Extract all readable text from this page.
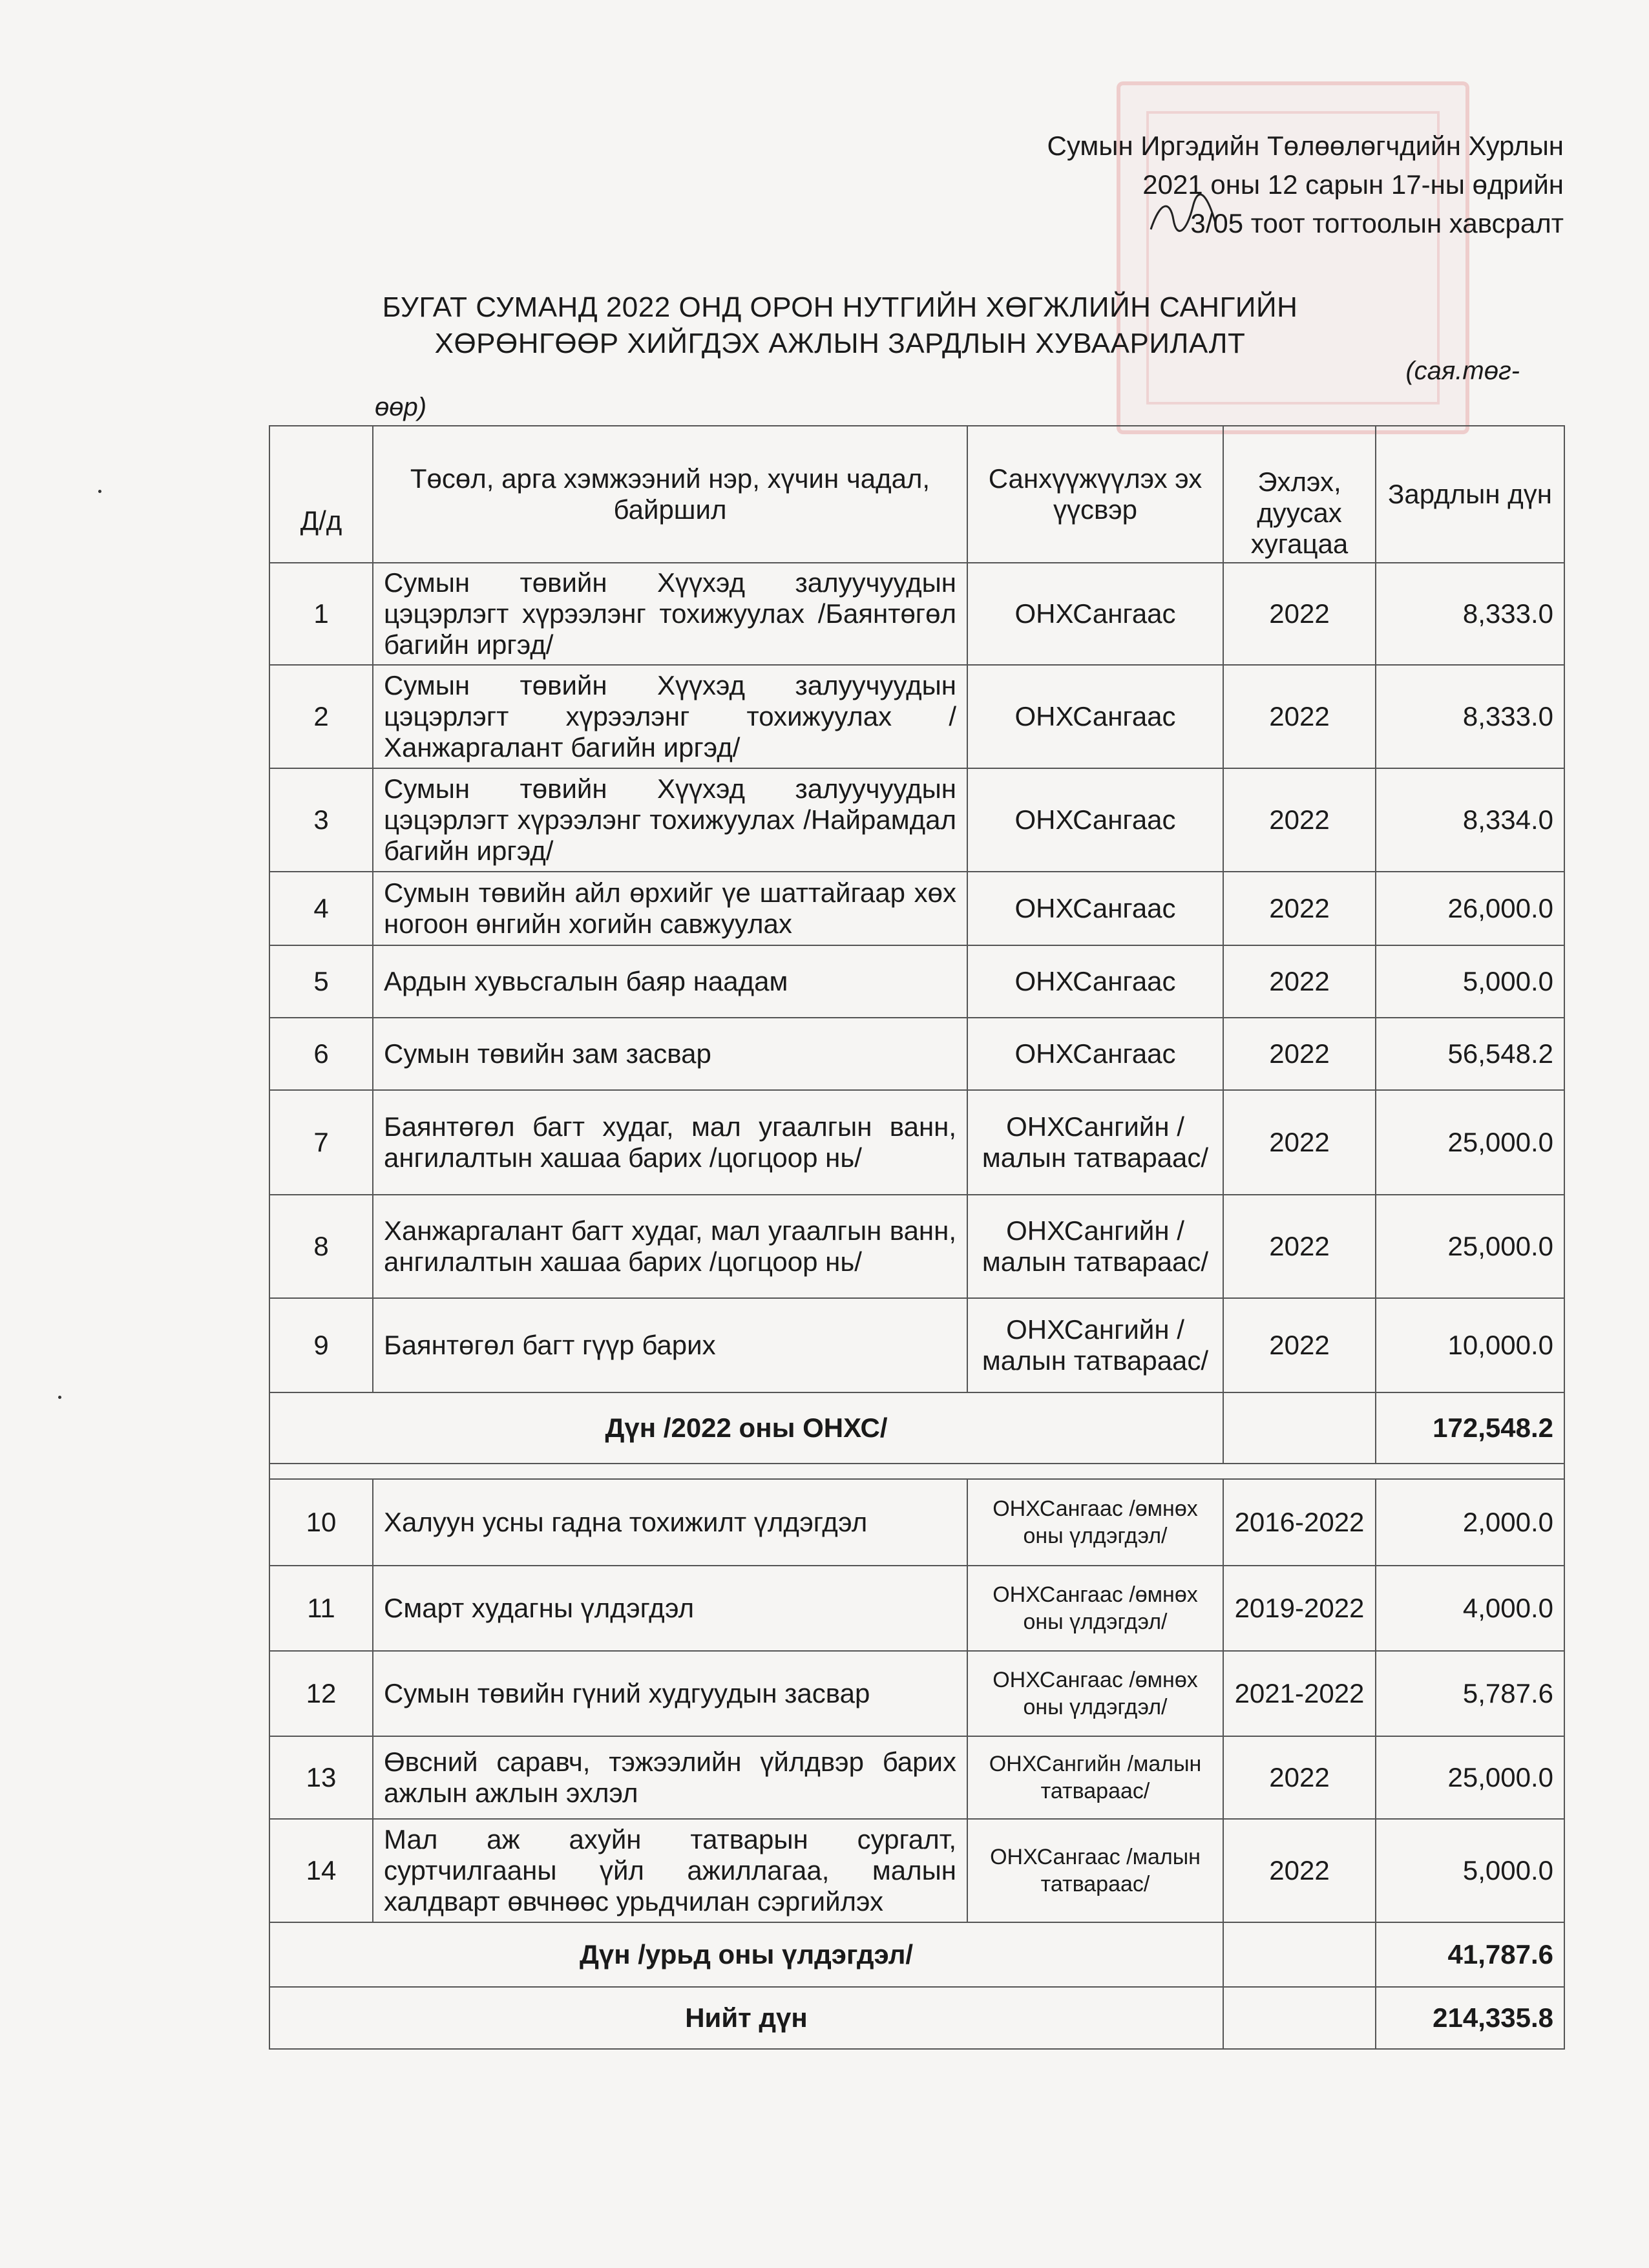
Сумын Иргэдийн Төлөөлөгчдийн Хурлын
2021 оны 12 сарын 17-ны өдрийн
3/05 тоот тогтоолын хавсралт
БУГАТ СУМАНД 2022 ОНД ОРОН НУТГИЙН ХӨГЖЛИЙН САНГИЙН
ХӨРӨНГӨӨР ХИЙГДЭХ АЖЛЫН ЗАРДЛЫН ХУВААРИЛАЛТ
(сая.төг-
өөр)
Д/д	Төсөл, арга хэмжээний нэр, хүчин чадал, байршил	Санхүүжүүлэх эх үүсвэр	Эхлэх, дуусах хугацаа	Зардлын дүн
1	Сумын төвийн Хүүхэд залуучуудын цэцэрлэгт хүрээлэнг тохижуулах /Баянтөгөл багийн иргэд/	ОНХСангаас	2022	8,333.0
2	Сумын төвийн Хүүхэд залуучуудын цэцэрлэгт хүрээлэнг тохижуулах /Ханжаргалант багийн иргэд/	ОНХСангаас	2022	8,333.0
3	Сумын төвийн Хүүхэд залуучуудын цэцэрлэгт хүрээлэнг тохижуулах /Найрамдал багийн иргэд/	ОНХСангаас	2022	8,334.0
4	Сумын төвийн айл өрхийг үе шаттайгаар хөх ногоон өнгийн хогийн савжуулах	ОНХСангаас	2022	26,000.0
5	Ардын хувьсгалын баяр наадам	ОНХСангаас	2022	5,000.0
6	Сумын төвийн зам засвар	ОНХСангаас	2022	56,548.2
7	Баянтөгөл багт худаг, мал угаалгын ванн, ангилалтын хашаа барих /цогцоор нь/	ОНХСангийн /малын татвараас/	2022	25,000.0
8	Ханжаргалант багт худаг, мал угаалгын ванн, ангилалтын хашаа барих /цогцоор нь/	ОНХСангийн /малын татвараас/	2022	25,000.0
9	Баянтөгөл багт гүүр барих	ОНХСангийн /малын татвараас/	2022	10,000.0
Дүн /2022 оны ОНХС/				172,548.2

10	Халуун усны гадна тохижилт үлдэгдэл	ОНХСангаас /өмнөх оны үлдэгдэл/	2016-2022	2,000.0
11	Смарт худагны үлдэгдэл	ОНХСангаас /өмнөх оны үлдэгдэл/	2019-2022	4,000.0
12	Сумын төвийн гүний худгуудын засвар	ОНХСангаас /өмнөх оны үлдэгдэл/	2021-2022	5,787.6
13	Өвсний саравч, тэжээлийн үйлдвэр барих ажлын ажлын эхлэл	ОНХСангийн /малын татвараас/	2022	25,000.0
14	Мал аж ахуйн татварын сургалт, суртчилгааны үйл ажиллагаа, малын халдварт өвчнөөс урьдчилан сэргийлэх	ОНХСангаас /малын татвараас/	2022	5,000.0
Дүн /урьд оны үлдэгдэл/				41,787.6
Нийт дүн				214,335.8
